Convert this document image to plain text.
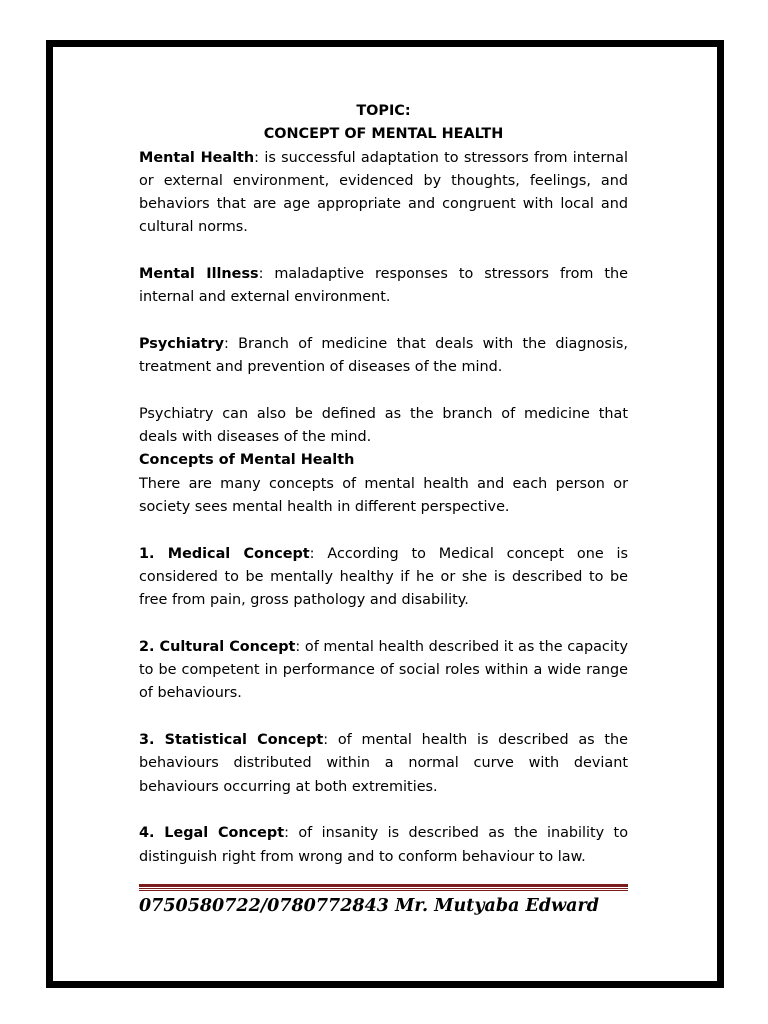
TOPIC:
CONCEPT OF MENTAL HEALTH

Mental Health: is successful adaptation to stressors from internal or external environment, evidenced by thoughts, feelings, and behaviors that are age appropriate and congruent with local and cultural norms.

Mental Illness: maladaptive responses to stressors from the internal and external environment.

Psychiatry: Branch of medicine that deals with the diagnosis, treatment and prevention of diseases of the mind.

Psychiatry can also be defined as the branch of medicine that deals with diseases of the mind.

Concepts of Mental Health

There are many concepts of mental health and each person or society sees mental health in different perspective.

1. Medical Concept: According to Medical concept one is considered to be mentally healthy if he or she is described to be free from pain, gross pathology and disability.

2. Cultural Concept: of mental health described it as the capacity to be competent in performance of social roles within a wide range of behaviours.

3. Statistical Concept: of mental health is described as the behaviours distributed within a normal curve with deviant behaviours occurring at both extremities.

4. Legal Concept: of insanity is described as the inability to distinguish right from wrong and to conform behaviour to law.

0750580722/0780772843 Mr. Mutyaba Edward
